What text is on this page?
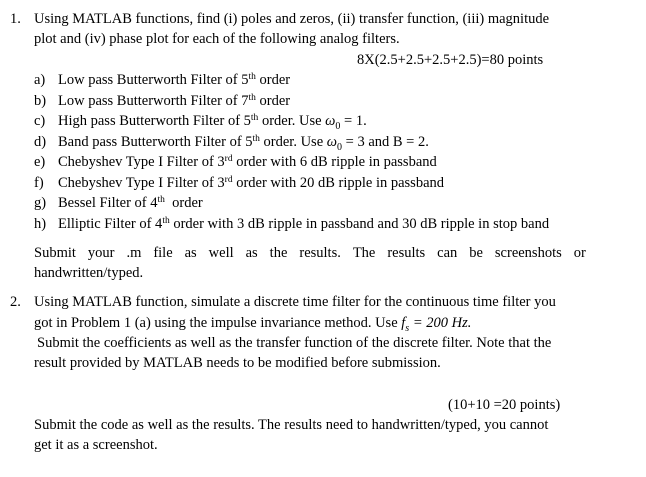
1. Using MATLAB functions, find (i) poles and zeros, (ii) transfer function, (iii) magnitude
plot and (iv) phase plot for each of the following analog filters.
8X(2.5+2.5+2.5+2.5)=80 points
a) Low pass Butterworth Filter of 5th order
b) Low pass Butterworth Filter of 7th order
c) High pass Butterworth Filter of 5th order. Use $\omega_0 = 1$.
d) Band pass Butterworth Filter of 5th order. Use $\omega_0 = 3$ and B = 2.
e) Chebyshev Type I Filter of 3rd order with 6 dB ripple in passband
f) Chebyshev Type I Filter of 3rd order with 20 dB ripple in passband
g) Bessel Filter of 4th  order
h) Elliptic Filter of 4th order with 3 dB ripple in passband and 30 dB ripple in stop band
Submit your .m file as well as the results. The results can be screenshots or
handwritten/typed.
2. Using MATLAB function, simulate a discrete time filter for the continuous time filter you
got in Problem 1 (a) using the impulse invariance method. Use $f_s = 200$ Hz.
Submit the coefficients as well as the transfer function of the discrete filter. Note that the
result provided by MATLAB needs to be modified before submission.
(10+10 =20 points)
Submit the code as well as the results. The results need to handwritten/typed, you cannot
get it as a screenshot.
